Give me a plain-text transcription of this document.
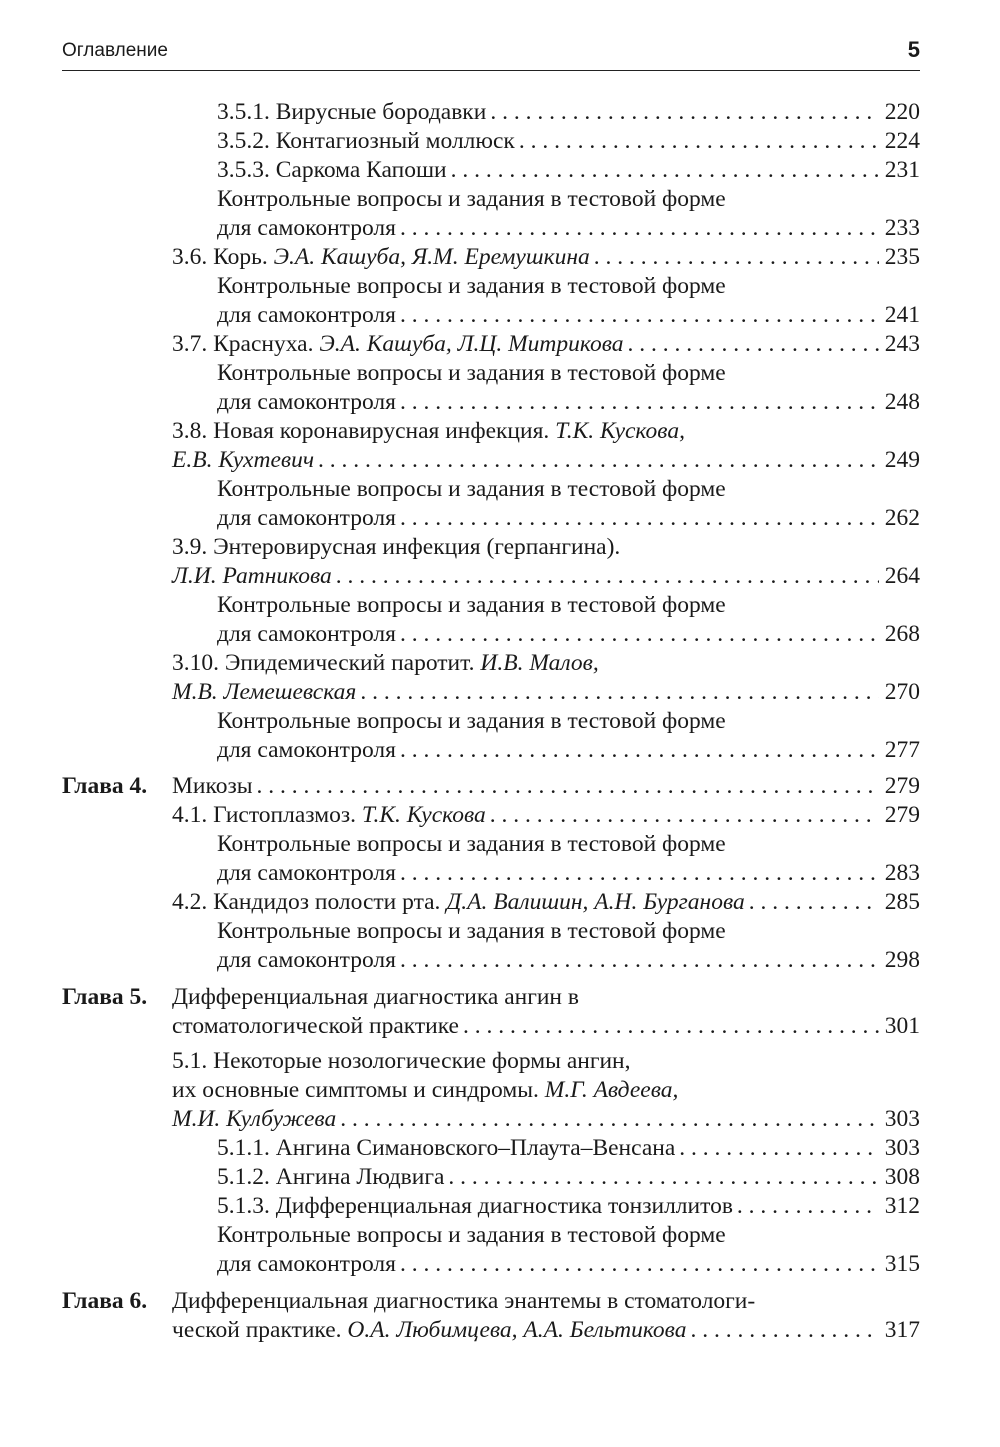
Оглавление	5
3.5.1. Вирусные бородавки . . .	220
3.5.2. Контагиозный моллюск . . .	224
3.5.3. Саркома Капоши . . .	231
Контрольные вопросы и задания в тестовой форме
для самоконтроля . . .	233
3.6. Корь. Э.А. Кашуба, Я.М. Еремушкина . . .	235
Контрольные вопросы и задания в тестовой форме
для самоконтроля . . .	241
3.7. Краснуха. Э.А. Кашуба, Л.Ц. Митрикова . . .	243
Контрольные вопросы и задания в тестовой форме
для самоконтроля . . .	248
3.8. Новая коронавирусная инфекция. Т.К. Кускова,
Е.В. Кухтевич . . .	249
Контрольные вопросы и задания в тестовой форме
для самоконтроля . . .	262
3.9. Энтеровирусная инфекция (герпангина).
Л.И. Ратникова . . .	264
Контрольные вопросы и задания в тестовой форме
для самоконтроля . . .	268
3.10. Эпидемический паротит. И.В. Малов,
М.В. Лемешевская . . .	270
Контрольные вопросы и задания в тестовой форме
для самоконтроля . . .	277
Глава 4. Микозы . . .	279
4.1. Гистоплазмоз. Т.К. Кускова . . .	279
Контрольные вопросы и задания в тестовой форме
для самоконтроля . . .	283
4.2. Кандидоз полости рта. Д.А. Валишин, А.Н. Бурганова . . .	285
Контрольные вопросы и задания в тестовой форме
для самоконтроля . . .	298
Глава 5. Дифференциальная диагностика ангин в
стоматологической практике . . .	301
5.1. Некоторые нозологические формы ангин,
их основные симптомы и синдромы. М.Г. Авдеева,
М.И. Кулбужева . . .	303
5.1.1. Ангина Симановского–Плаута–Венсана . . .	303
5.1.2. Ангина Людвига . . .	308
5.1.3. Дифференциальная диагностика тонзиллитов . . .	312
Контрольные вопросы и задания в тестовой форме
для самоконтроля . . .	315
Глава 6. Дифференциальная диагностика энантемы в стоматологи-
ческой практике. О.А. Любимцева, А.А. Бельтикова . . .	317
